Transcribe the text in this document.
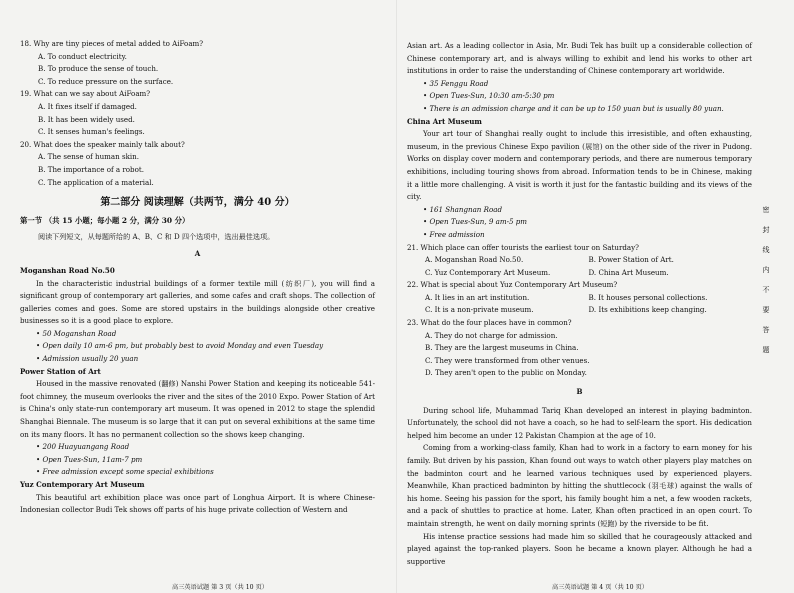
18. Why are tiny pieces of metal added to AiFoam?

A. To conduct electricity.

B. To produce the sense of touch.

C. To reduce pressure on the surface.

19. What can we say about AiFoam?

A. It fixes itself if damaged.

B. It has been widely used.

C. It senses human's feelings.

20. What does the speaker mainly talk about?

A. The sense of human skin.

B. The importance of a robot.

C. The application of a material.

第二部分 阅读理解（共两节，满分 40 分）

第一节 （共 15 小题；每小题 2 分，满分 30 分）

阅读下列短文，从每题所给的 A、B、C 和 D 四个选项中，选出最佳选项。

A

Moganshan Road No.50

In the characteristic industrial buildings of a former textile mill (纺织厂), you will find a significant group of contemporary art galleries, and some cafes and craft shops. The collection of galleries comes and goes. Some are stored upstairs in the buildings alongside other creative businesses so it is a good place to explore.

• 50 Moganshan Road

• Open daily 10 am-6 pm, but probably best to avoid Monday and even Tuesday

• Admission usually 20 yuan

Power Station of Art

Housed in the massive renovated (翻修) Nanshi Power Station and keeping its noticeable 541-foot chimney, the museum overlooks the river and the sites of the 2010 Expo. Power Station of Art is China's only state-run contemporary art museum. It was opened in 2012 to stage the splendid Shanghai Biennale. The museum is so large that it can put on several exhibitions at the same time on its many floors. It has no permanent collection so the shows keep changing.

• 200 Huayuangang Road

• Open Tues-Sun, 11am-7 pm

• Free admission except some special exhibitions

Yuz Contemporary Art Museum

This beautiful art exhibition place was once part of Longhua Airport. It is where Chinese-Indonesian collector Budi Tek shows off parts of his huge private collection of Western and

高三英语试题 第 3 页（共 10 页）

Asian art. As a leading collector in Asia, Mr. Budi Tek has built up a considerable collection of Chinese contemporary art, and is always willing to exhibit and lend his works to other art institutions in order to raise the understanding of Chinese contemporary art worldwide.

• 35 Fenggu Road

• Open Tues-Sun, 10:30 am-5:30 pm

• There is an admission charge and it can be up to 150 yuan but is usually 80 yuan.

China Art Museum

Your art tour of Shanghai really ought to include this irresistible, and often exhausting, museum, in the previous Chinese Expo pavilion (展馆) on the other side of the river in Pudong. Works on display cover modern and contemporary periods, and there are numerous temporary exhibitions, including touring shows from abroad. Information tends to be in Chinese, making it a little more challenging. A visit is worth it just for the fantastic building and its views of the city.

• 161 Shangnan Road

• Open Tues-Sun, 9 am-5 pm

• Free admission

21. Which place can offer tourists the earliest tour on Saturday?

A. Moganshan Road No.50.	B. Power Station of Art.
C. Yuz Contemporary Art Museum.	D. China Art Museum.

22. What is special about Yuz Contemporary Art Museum?

A. It lies in an art institution.	B. It houses personal collections.
C. It is a non-private museum.	D. Its exhibitions keep changing.

23. What do the four places have in common?

A. They do not charge for admission.

B. They are the largest museums in China.

C. They were transformed from other venues.

D. They aren't open to the public on Monday.

B

During school life, Muhammad Tariq Khan developed an interest in playing badminton. Unfortunately, the school did not have a coach, so he had to self-learn the sport. His dedication helped him become an under 12 Pakistan Champion at the age of 10.

Coming from a working-class family, Khan had to work in a factory to earn money for his family. But driven by his passion, Khan found out ways to watch other players play matches on the badminton court and he learned various techniques used by experienced players. Meanwhile, Khan practiced badminton by hitting the shuttlecock (羽毛球) against the walls of his home. Seeing his passion for the sport, his family bought him a net, a few wooden rackets, and a pack of shuttles to practice at home. Later, Khan often practiced in an open court. To maintain strength, he went on daily morning sprints (短跑) by the riverside to be fit.

His intense practice sessions had made him so skilled that he courageously attacked and played against the top-ranked players. Soon he became a known player. Although he had a supportive

高三英语试题 第 4 页（共 10 页）
密
封
线
内
不
要
答
题
